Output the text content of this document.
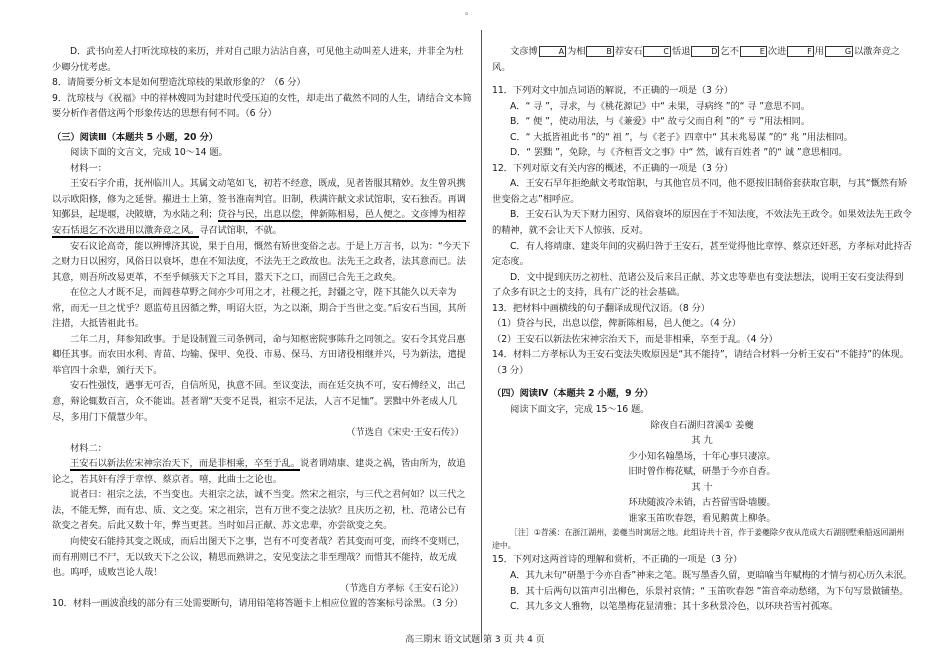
。

D．武书向差人打听沈琼枝的来历，并对自己眼力沾沾自喜，可见他主动叫差人进来，并非全为杜少卿分忧考虑。

8．请简要分析文本是如何塑造沈琼枝的果敢形象的？（6 分）

9．沈琼枝与《祝福》中的祥林嫂同为封建时代受压迫的女性，却走出了截然不同的人生，请结合文本简要分析作者借这两个形象传达的思想有何不同。（6 分）

（三）阅读Ⅲ（本题共 5 小题，20 分）

阅读下面的文言文，完成 10～14 题。

材料一：

王安石字介甫，抚州临川人。其属文动笔如飞，初若不经意，既成，见者皆服其精妙。友生曾巩携以示欧阳修，修为之延誉。擢进士上第，签书淮南判官。旧制，秩满许献文求试馆职，安石独否。再调知鄞县，起堤堰，决陂塘，为水陆之利；贷谷与民，出息以偿，俾新陈相易，邑人便之。文彦博为相荐安石恬退乞不次进用以激奔竞之风。寻召试馆职，不就。

安石议论高奇，能以辨博济其说，果于自用，慨然有矫世变俗之志。于是上万言书，以为：“今天下之财力日以困穷，风俗日以衰坏，患在不知法度，不法先王之政故也。法先王之政者，法其意而已。法其意，则吾所改易更革，不至乎倾骇天下之耳目，嚣天下之口，而固已合先王之政矣。

在位之人才既不足，而闾巷草野之间亦少可用之才，社稷之托，封疆之守，陛下其能久以天幸为常，而无一旦之忧乎？愿监苟且因循之弊，明诏大臣，为之以渐，期合于当世之变。”后安石当国，其所注措，大抵皆祖此书。

二年二月，拜参知政事。于是设制置三司条例司，命与知枢密院事陈升之同领之。安石令其党吕惠卿任其事。而农田水利、青苗、均输、保甲、免役、市易、保马、方田诸役相继并兴，号为新法，遣提举官四十余辈，颁行天下。

安石性强忮，遇事无可否，自信所见，执意不回。至议变法，而在廷交执不可，安石傅经义，出己意，辩论辄数百言，众不能诎。甚者谓“天变不足畏，祖宗不足法，人言不足恤”。罢黜中外老成人几尽，多用门下儇慧少年。

（节选自《宋史·王安石传》）

材料二：

王安石以新法佐宋神宗治天下，而是非相乘，卒至于乱。说者谓靖康、建炎之祸，皆由所为，故追论之，若其奸有浮于章惇、蔡京者。嘻，此曲士之论也。

说者曰：祖宗之法，不当变也。夫祖宗之法，诚不当变。然宋之祖宗，与三代之君何如？以三代之法，不能无弊，而有忠、质、文之变。宋之祖宗，岂有万世不变之法欤？且庆历之初，杜、范诸公已有欲变之者矣。后此又数十年，弊当更甚。当时如吕正献、苏文忠辈，亦尝欲变之矣。

向使安石能持其变之既成，而后出图天下之事，岂有不可变者哉？若其变而可变，而终不变则已，而有刑则已不尸，无以致天下之公议，精思而熟讲之，安见变法之非至理哉？而惜其不能持，故无成也。呜呼，成败岂论人哉！

（节选自方孝标《王安石论》）

10．材料一画波浪线的部分有三处需要断句，请用铅笔将答题卡上相应位置的答案标号涂黑。（3 分）

。

文彦博	A 为相	B 荐安石	C 恬退	D 乞不	E 次进	F 用	G 以激奔竞之风。

11．下列对文中加点词语的解说，不正确的一项是（3 分）

A．“ 寻 ”，寻求，与《桃花源记》中“ 未果，寻病终 ”的“ 寻 ”意思不同。

B．“ 便 ”，使动用法，与《兼爱》中“ 故亏父而自利 ”的“ 亏 ”用法相同。

C．“ 大抵皆祖此书 ”的“ 祖 ”，与《老子》四章中“ 其未兆易谋 ”的“ 兆 ”用法相同。

D．“ 罢黜 ”，免除，与《齐桓晋文之事》中“ 然，诚有百姓者 ”的“ 诚 ”意思相同。

12．下列对原文有关内容的概述，不正确的一项是（3 分）

A．王安石早年拒绝献文考取馆职，与其他官员不同，他不愿按旧制俗套获取官职，与其“慨然有矫世变俗之志”相呼应。

B．王安石认为天下财力困穷、风俗衰坏的原因在于不知法度，不效法先王政令。如果效法先王政令的精神，就不会让天下人惊骇、反对。

C．有人将靖康、建炎年间的灾祸归咎于王安石，甚至觉得他比章惇、蔡京还奸恶，方孝标对此持否定态度。

D．文中提到庆历之初杜、范诸公及后来吕正献、苏文忠等辈也有变法想法，说明王安石变法得到了众多有识之士的支持，具有广泛的社会基础。

13．把材料中画横线的句子翻译成现代汉语。（8 分）

（1）贷谷与民，出息以偿，俾新陈相易，邑人便之。（4 分）

（2）王安石以新法佐宋神宗治天下，而是非相乘，卒至于乱。（4 分）

14．材料二方孝标认为王安石变法失败原因是“其不能持”，请结合材料一分析王安石“不能持”的体现。（3 分）

（四）阅读Ⅳ（本题共 2 小题，9 分）

阅读下面文字，完成 15～16 题。

除夜自石湖归苕溪① 姜夔

其 九

少小知名翰墨场，十年心事只凄凉。

旧时曾作梅花赋，研墨于今亦自香。

其 十

环玦随波冷未销，古苔留雪卧墙腰。

谁家玉笛吹春怨，看见鹅黄上柳条。

［注］①苕溪：在浙江湖州，姜夔当时寓居之地。此组诗共十首，作于姜夔除夕夜从范成大石湖别墅乘船返回湖州途中。

15．下列对这两首诗的理解和赏析，不正确的一项是（3 分）

A．其九末句“研墨于今亦自香”神来之笔。既写墨香久留，更暗喻当年赋梅的才情与初心历久未泯。

B．其十后两句以笛声引出柳色，乐景衬哀情；“ 玉笛吹春怨 ”笛音牵动愁绪，为下句写景做铺垫。

C．其九多文人雅物，以笔墨梅花显清雅；其十多秋景冷色，以环玦苔雪衬孤寒。

高三期末 语文试题 第 3 页 共 4 页
